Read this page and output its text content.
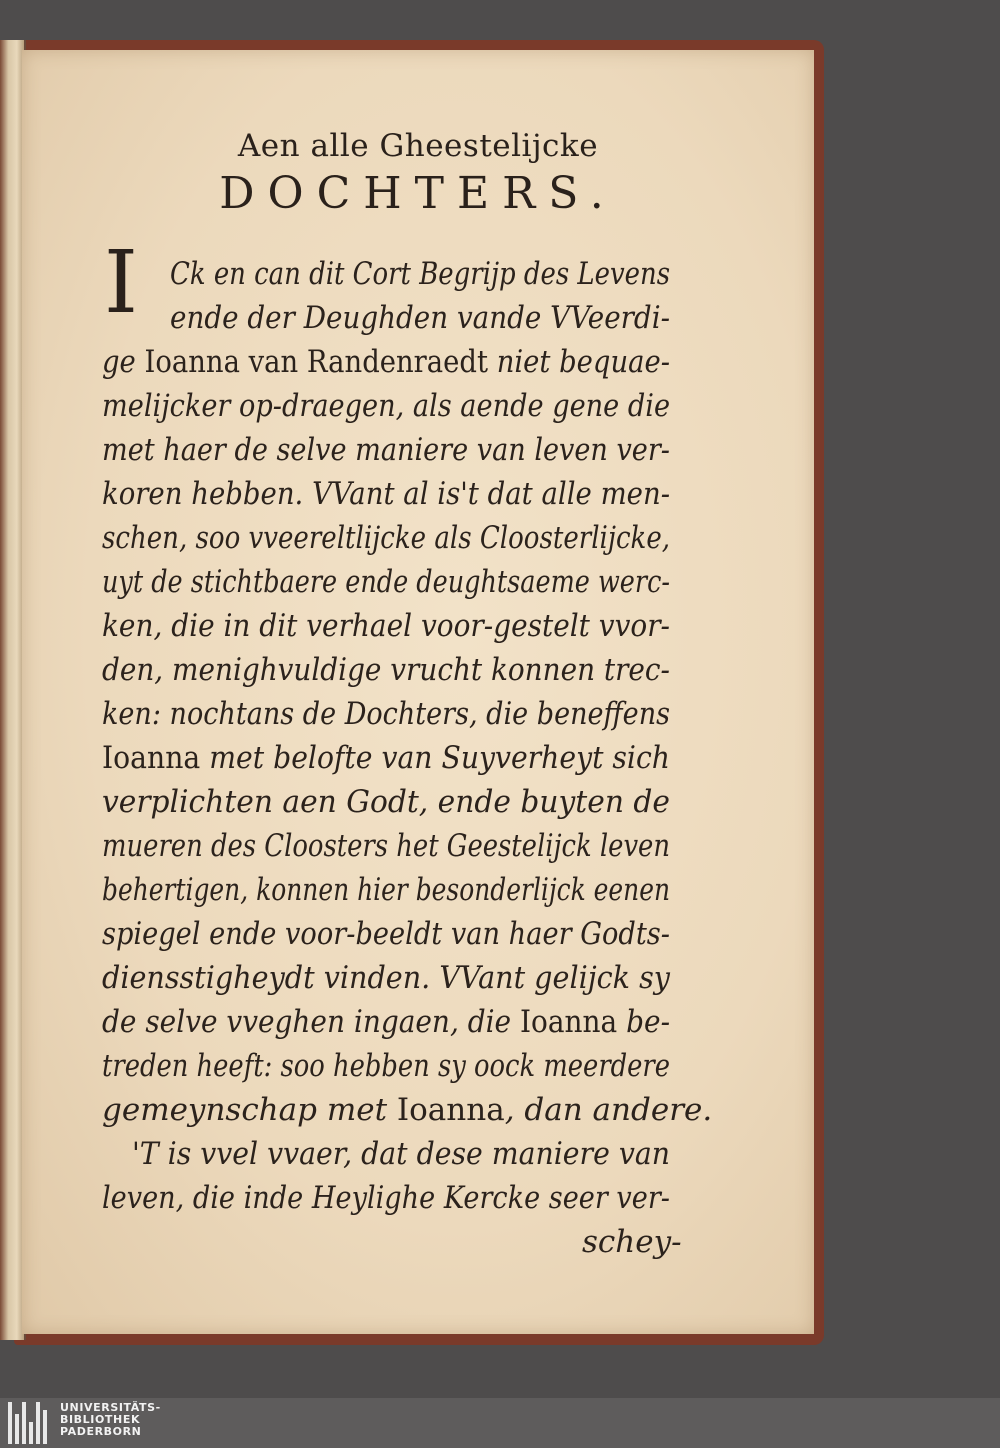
Aen alle Gheestelijcke
DOCHTERS.
I Ck en can dit Cort Begrijp des Levens
ende der Deughden vande VVeerdi-
ge Ioanna van Randenraedt niet bequae-
melijcker op-draegen, als aende gene die
met haer de selve maniere van leven ver-
koren hebben. VVant al is't dat alle men-
schen, soo vveereltlijcke als Cloosterlijcke,
uyt de stichtbaere ende deughtsaeme werc-
ken, die in dit verhael voor-gestelt vvor-
den, menighvuldige vrucht konnen trec-
ken: nochtans de Dochters, die beneffens
Ioanna met belofte van Suyverheyt sich
verplichten aen Godt, ende buyten de
mueren des Cloosters het Geestelijck leven
behertigen, konnen hier besonderlijck eenen
spiegel ende voor-beeldt van haer Godts-
diensstigheydt vinden. VVant gelijck sy
de selve vveghen ingaen, die Ioanna be-
treden heeft: soo hebben sy oock meerdere
gemeynschap met Ioanna, dan andere.
'T is vvel vvaer, dat dese maniere van
leven, die inde Heylighe Kercke seer ver-
schey-
UNIVERSITÄTS-
BIBLIOTHEK
PADERBORN
